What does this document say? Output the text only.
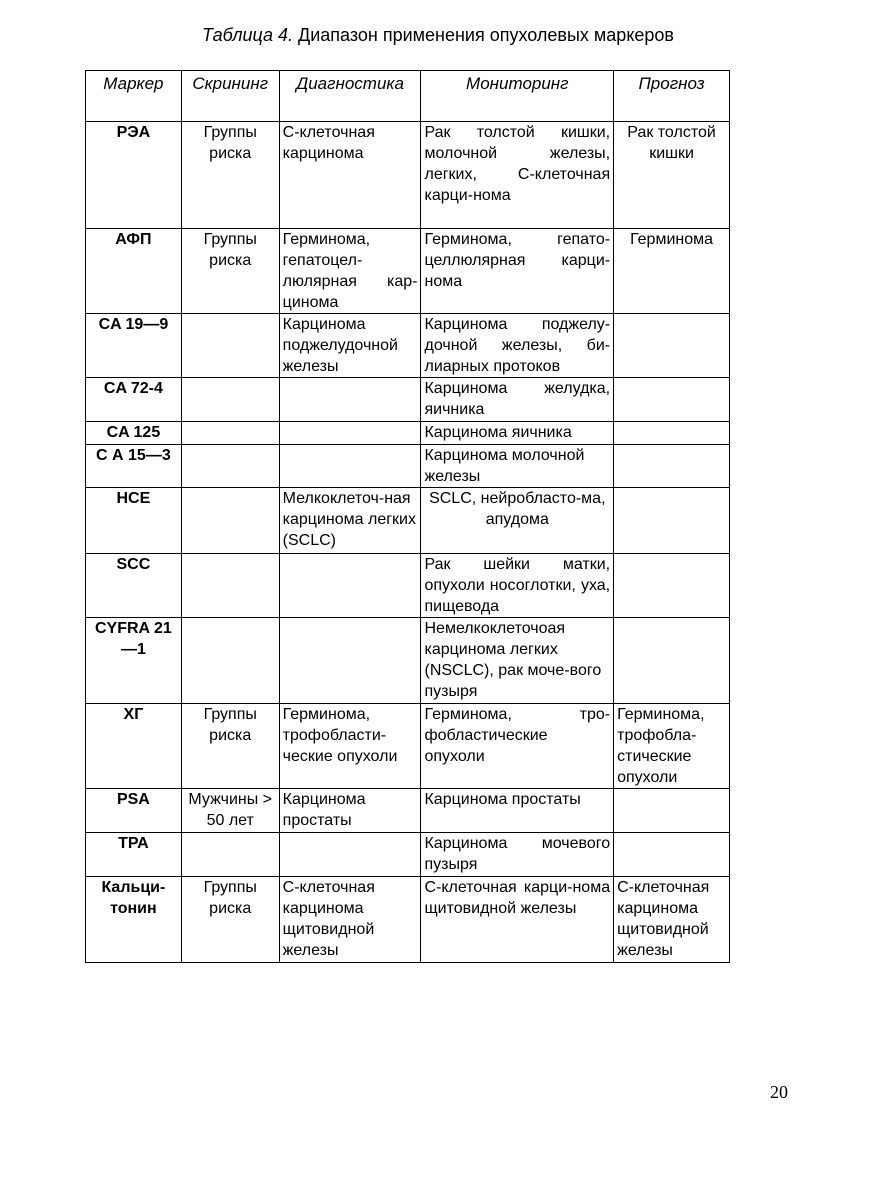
Таблица 4. Диапазон применения опухолевых маркеров
Маркер	Скрининг	Диагностика	Мониторинг	Прогноз
РЭА	Группы риска	С-клеточная карцинома	Рак толстой кишки, молочной железы, легких, С-клеточная карци-нома	Рак толстой кишки
АФП	Группы риска	Герминома, гепатоцел-люлярная кар-цинома	Герминома, гепато-целлюлярная карци-нома	Герминома
CA 19—9		Карцинома поджелудочной железы	Карцинома поджелу-дочной железы, би-лиарных протоков	
CA 72-4			Карцинома желудка, яичника	
CA 125			Карцинома яичника	
С А 15—3			Карцинома молочной железы	
НСЕ		Мелкоклеточ-ная карцинома легких (SCLC)	SCLC, нейробласто-ма, апудома	
SCC			Рак шейки матки, опухоли носоглотки, уха, пищевода	
CYFRA 21—1			Немелкоклеточоая карцинома легких (NSCLC), рак моче-вого пузыря	
ХГ	Группы риска	Герминома, трофобласти-ческие опухоли	Герминома, тро-фобластические опухоли	Герминома, трофобла-стические опухоли
PSA	Мужчины > 50 лет	Карцинома простаты	Карцинома простаты	
ТРА			Карцинома мочевого пузыря	
Кальци-тонин	Группы риска	С-клеточная карцинома щитовидной железы	С-клеточная карци-нома щитовидной железы	С-клеточная карцинома щитовидной железы
20
